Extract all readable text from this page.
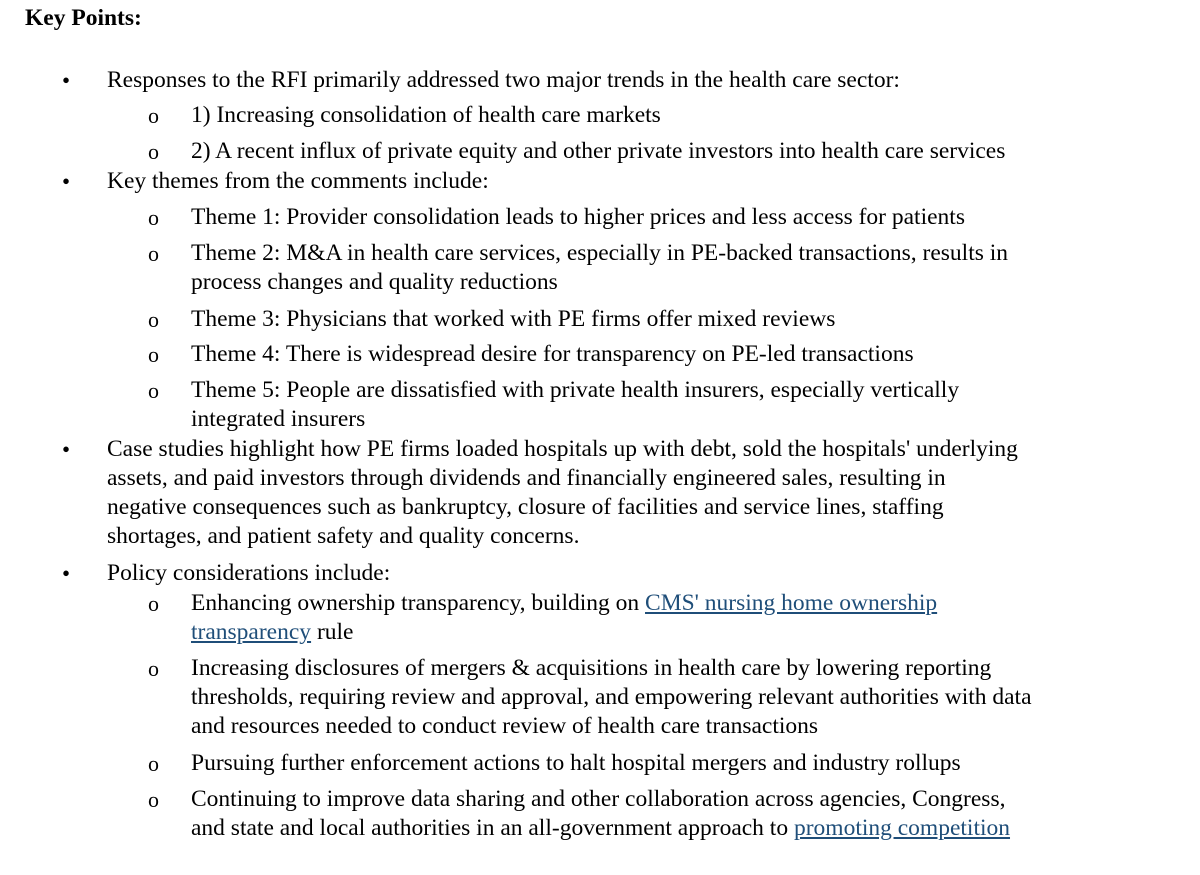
Key Points:
• Responses to the RFI primarily addressed two major trends in the health care sector:
o 1) Increasing consolidation of health care markets
o 2) A recent influx of private equity and other private investors into health care services
• Key themes from the comments include:
o Theme 1: Provider consolidation leads to higher prices and less access for patients
o Theme 2: M&A in health care services, especially in PE-backed transactions, results in
process changes and quality reductions
o Theme 3: Physicians that worked with PE firms offer mixed reviews
o Theme 4: There is widespread desire for transparency on PE-led transactions
o Theme 5: People are dissatisfied with private health insurers, especially vertically
integrated insurers
• Case studies highlight how PE firms loaded hospitals up with debt, sold the hospitals' underlying
assets, and paid investors through dividends and financially engineered sales, resulting in
negative consequences such as bankruptcy, closure of facilities and service lines, staffing
shortages, and patient safety and quality concerns.
• Policy considerations include:
o Enhancing ownership transparency, building on CMS' nursing home ownership
transparency rule
o Increasing disclosures of mergers & acquisitions in health care by lowering reporting
thresholds, requiring review and approval, and empowering relevant authorities with data
and resources needed to conduct review of health care transactions
o Pursuing further enforcement actions to halt hospital mergers and industry rollups
o Continuing to improve data sharing and other collaboration across agencies, Congress,
and state and local authorities in an all-government approach to promoting competition
